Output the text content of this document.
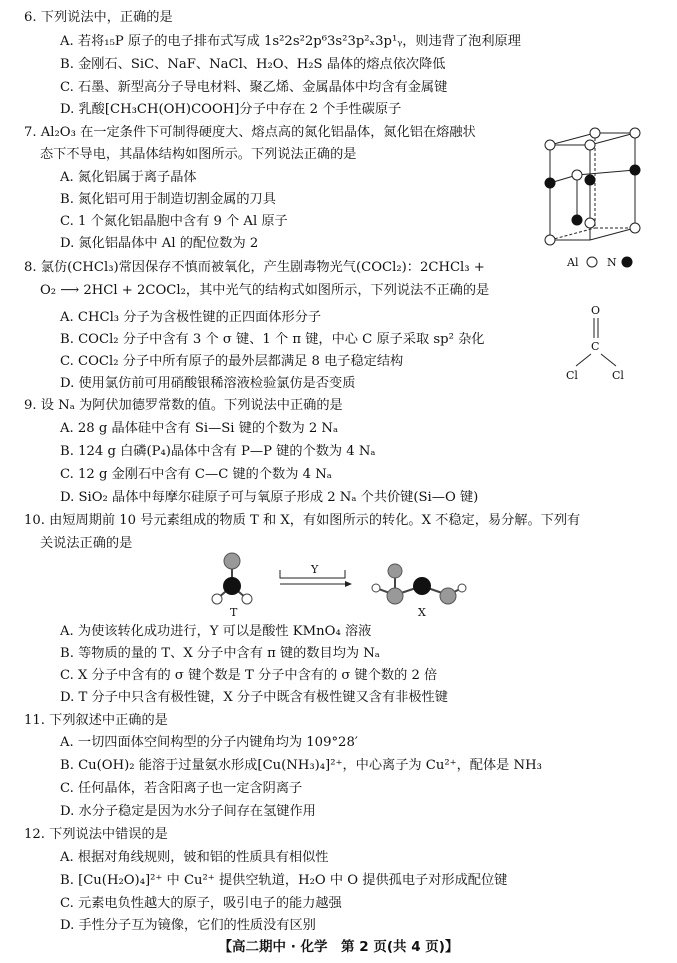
6. 下列说法中，正确的是
A. 若将₁₅P 原子的电子排布式写成 1s²2s²2p⁶3s²3p²ₓ3p¹ᵧ，则违背了泡利原理
B. 金刚石、SiC、NaF、NaCl、H₂O、H₂S 晶体的熔点依次降低
C. 石墨、新型高分子导电材料、聚乙烯、金属晶体中均含有金属键
D. 乳酸[CH₃CH(OH)COOH]分子中存在 2 个手性碳原子
7. Al₂O₃ 在一定条件下可制得硬度大、熔点高的氮化铝晶体，氮化铝在熔融状
态下不导电，其晶体结构如图所示。下列说法正确的是
A. 氮化铝属于离子晶体
B. 氮化铝可用于制造切割金属的刀具
C. 1 个氮化铝晶胞中含有 9 个 Al 原子
D. 氮化铝晶体中 Al 的配位数为 2
Al	N
8. 氯仿(CHCl₃)常因保存不慎而被氧化，产生剧毒物光气(COCl₂)：2CHCl₃ +
O₂ ⟶ 2HCl + 2COCl₂，其中光气的结构式如图所示，下列说法不正确的是
A. CHCl₃ 分子为含极性键的正四面体形分子
B. COCl₂ 分子中含有 3 个 σ 键、1 个 π 键，中心 C 原子采取 sp² 杂化
C. COCl₂ 分子中所有原子的最外层都满足 8 电子稳定结构
D. 使用氯仿前可用硝酸银稀溶液检验氯仿是否变质
O
C
Cl	Cl
9. 设 Nₐ 为阿伏加德罗常数的值。下列说法中正确的是
A. 28 g 晶体硅中含有 Si—Si 键的个数为 2 Nₐ
B. 124 g 白磷(P₄)晶体中含有 P—P 键的个数为 4 Nₐ
C. 12 g 金刚石中含有 C—C 键的个数为 4 Nₐ
D. SiO₂ 晶体中每摩尔硅原子可与氧原子形成 2 Nₐ 个共价键(Si—O 键)
10. 由短周期前 10 号元素组成的物质 T 和 X，有如图所示的转化。X 不稳定，易分解。下列有
关说法正确的是
T
Y
X
A. 为使该转化成功进行，Y 可以是酸性 KMnO₄ 溶液
B. 等物质的量的 T、X 分子中含有 π 键的数目均为 Nₐ
C. X 分子中含有的 σ 键个数是 T 分子中含有的 σ 键个数的 2 倍
D. T 分子中只含有极性键，X 分子中既含有极性键又含有非极性键
11. 下列叙述中正确的是
A. 一切四面体空间构型的分子内键角均为 109°28′
B. Cu(OH)₂ 能溶于过量氨水形成[Cu(NH₃)₄]²⁺，中心离子为 Cu²⁺，配体是 NH₃
C. 任何晶体，若含阳离子也一定含阴离子
D. 水分子稳定是因为水分子间存在氢键作用
12. 下列说法中错误的是
A. 根据对角线规则，铍和铝的性质具有相似性
B. [Cu(H₂O)₄]²⁺ 中 Cu²⁺ 提供空轨道，H₂O 中 O 提供孤电子对形成配位键
C. 元素电负性越大的原子，吸引电子的能力越强
D. 手性分子互为镜像，它们的性质没有区别
【高二期中 · 化学　第 2 页(共 4 页)】
